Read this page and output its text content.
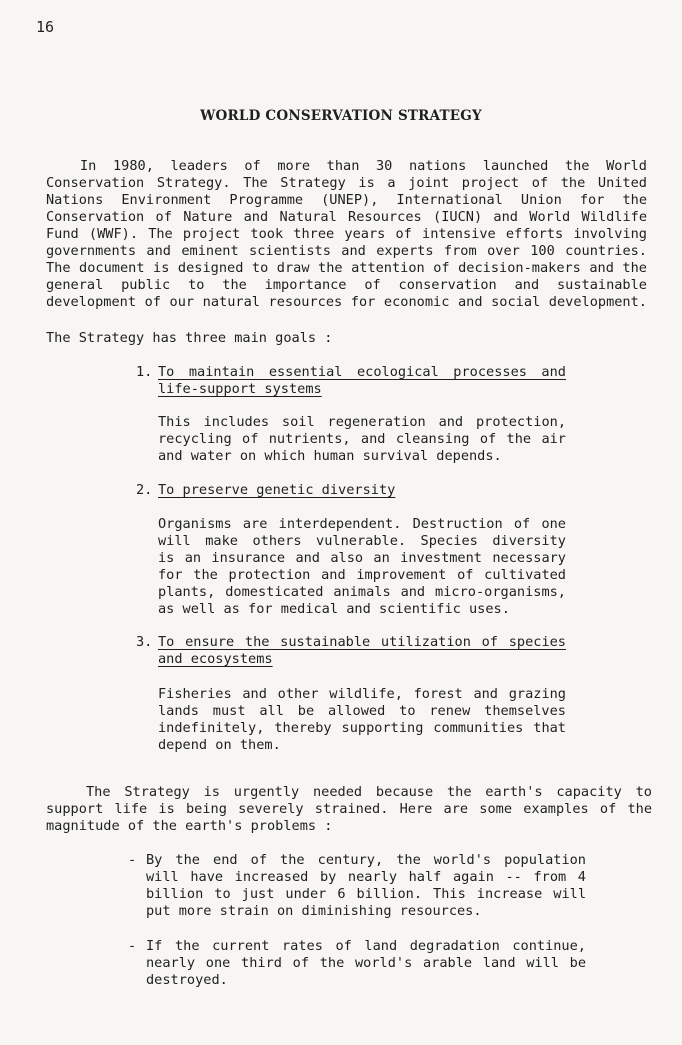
16
WORLD CONSERVATION STRATEGY
In 1980, leaders of more than 30 nations launched the World
Conservation Strategy. The Strategy is a joint project of the United
Nations Environment Programme (UNEP), International Union for the
Conservation of Nature and Natural Resources (IUCN) and World Wildlife
Fund (WWF). The project took three years of intensive efforts involving
governments and eminent scientists and experts from over 100 countries.
The document is designed to draw the attention of decision-makers and the
general public to the importance of conservation and sustainable
development of our natural resources for economic and social development.
The Strategy has three main goals :
1. To maintain essential ecological processes and
life-support systems
This includes soil regeneration and protection,
recycling of nutrients, and cleansing of the air
and water on which human survival depends.
2. To preserve genetic diversity
Organisms are interdependent. Destruction of one
will make others vulnerable. Species diversity
is an insurance and also an investment necessary
for the protection and improvement of cultivated
plants, domesticated animals and micro-organisms,
as well as for medical and scientific uses.
3. To ensure the sustainable utilization of species
and ecosystems
Fisheries and other wildlife, forest and grazing
lands must all be allowed to renew themselves
indefinitely, thereby supporting communities that
depend on them.
The Strategy is urgently needed because the earth's capacity to
support life is being severely strained. Here are some examples of the
magnitude of the earth's problems :
- By the end of the century, the world's population
will have increased by nearly half again -- from 4
billion to just under 6 billion. This increase will
put more strain on diminishing resources.
- If the current rates of land degradation continue,
nearly one third of the world's arable land will be
destroyed.
